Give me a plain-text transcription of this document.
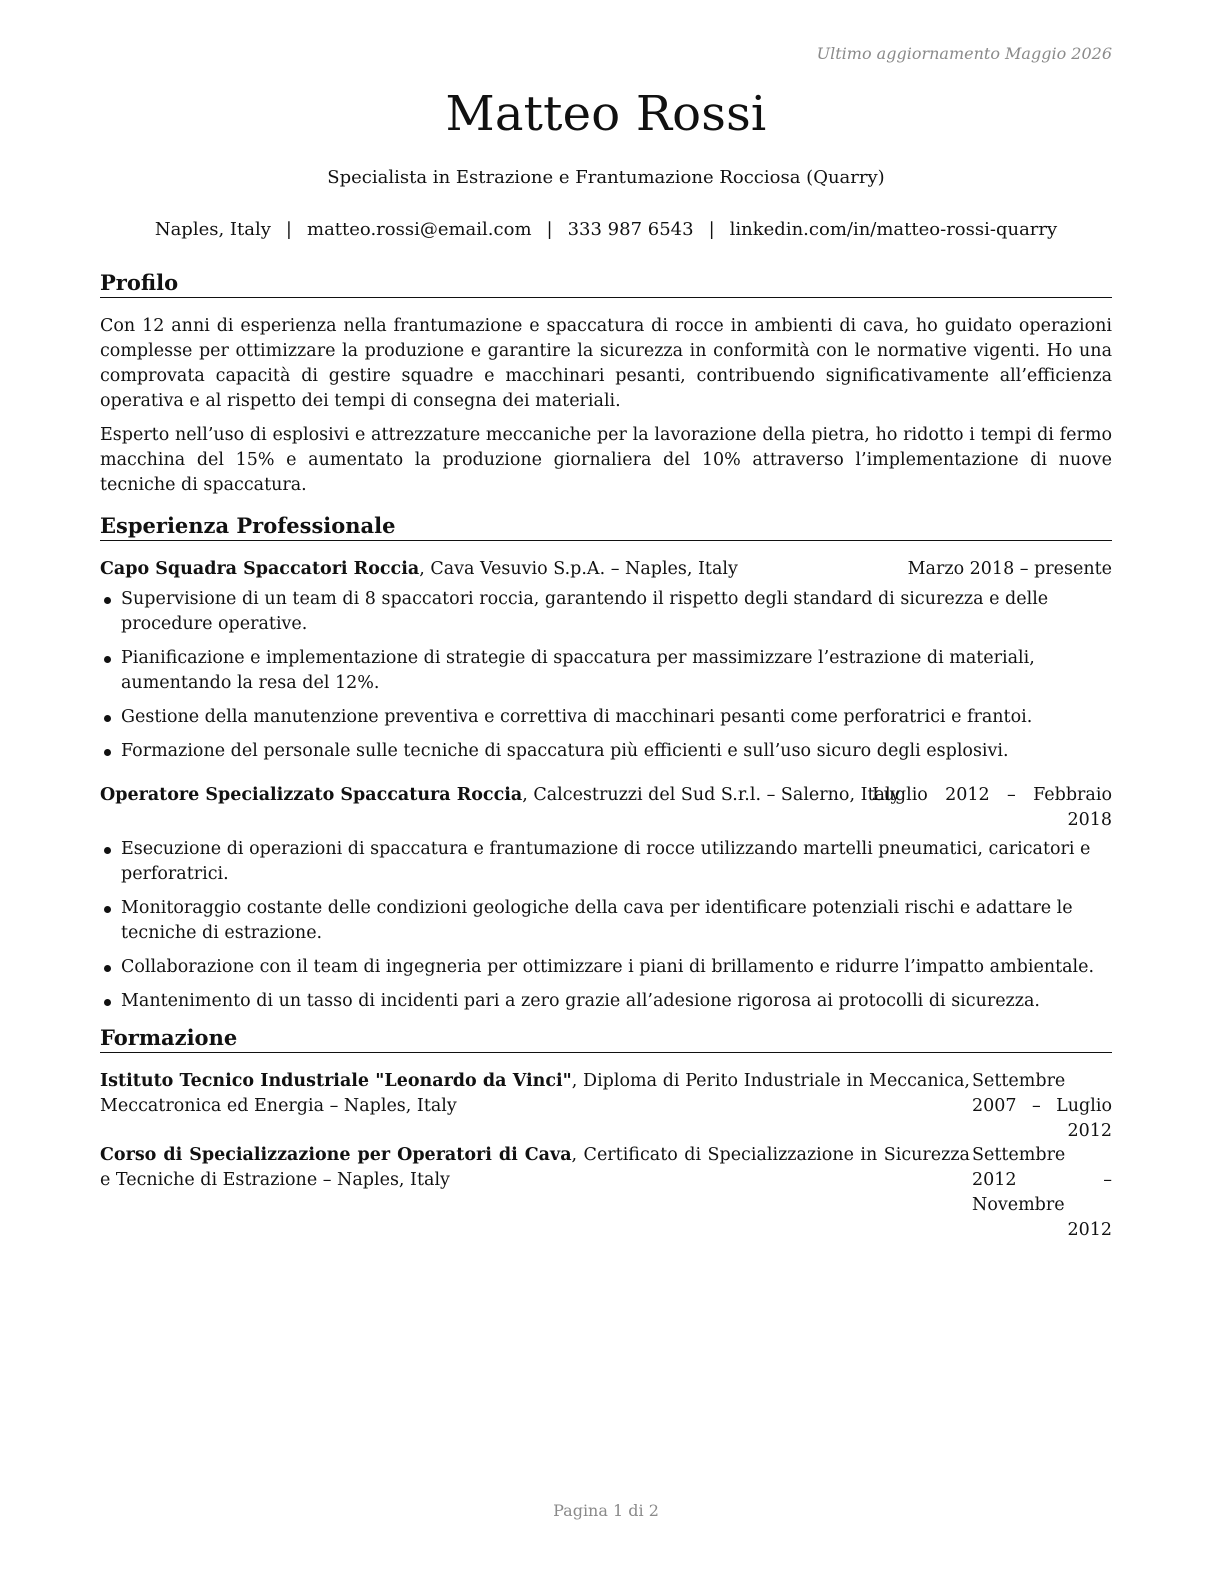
Ultimo aggiornamento Maggio 2026
Matteo Rossi
Specialista in Estrazione e Frantumazione Rocciosa (Quarry)
Naples, Italy | matteo.rossi@email.com | 333 987 6543 | linkedin.com/in/matteo-rossi-quarry
Profilo
Con 12 anni di esperienza nella frantumazione e spaccatura di rocce in ambienti di cava, ho guidato operazioni complesse per ottimizzare la produzione e garantire la sicurezza in conformità con le normative vigenti. Ho una comprovata capacità di gestire squadre e macchinari pesanti, contribuendo significativamente all’efficienza operativa e al rispetto dei tempi di consegna dei materiali.
Esperto nell’uso di esplosivi e attrezzature meccaniche per la lavorazione della pietra, ho ridotto i tempi di fermo macchina del 15% e aumentato la produzione giornaliera del 10% attraverso l’implementazione di nuove tecniche di spaccatura.
Esperienza Professionale
Capo Squadra Spaccatori Roccia, Cava Vesuvio S.p.A. – Naples, Italy	Marzo 2018 – presente
Supervisione di un team di 8 spaccatori roccia, garantendo il rispetto degli standard di sicurezza e delle procedure operative.
Pianificazione e implementazione di strategie di spaccatura per massimizzare l’estrazione di materiali, aumentando la resa del 12%.
Gestione della manutenzione preventiva e correttiva di macchinari pesanti come perforatrici e frantoi.
Formazione del personale sulle tecniche di spaccatura più efficienti e sull’uso sicuro degli esplosivi.
Operatore Specializzato Spaccatura Roccia, Calcestruzzi del Sud S.r.l. – Salerno, Italy
Luglio 2012 – Febbraio 2018
Esecuzione di operazioni di spaccatura e frantumazione di rocce utilizzando martelli pneumatici, caricatori e perforatrici.
Monitoraggio costante delle condizioni geologiche della cava per identificare potenziali rischi e adattare le tecniche di estrazione.
Collaborazione con il team di ingegneria per ottimizzare i piani di brillamento e ridurre l’impatto ambientale.
Mantenimento di un tasso di incidenti pari a zero grazie all’adesione rigorosa ai protocolli di sicurezza.
Formazione
Istituto Tecnico Industriale "Leonardo da Vinci", Diploma di Perito Industriale in Meccanica, Meccatronica ed Energia – Naples, Italy
Settembre 2007 – Luglio 2012
Corso di Specializzazione per Operatori di Cava, Certificato di Specializzazione in Sicurezza e Tecniche di Estrazione – Naples, Italy
Settembre 2012 – Novembre 2012
Pagina 1 di 2
